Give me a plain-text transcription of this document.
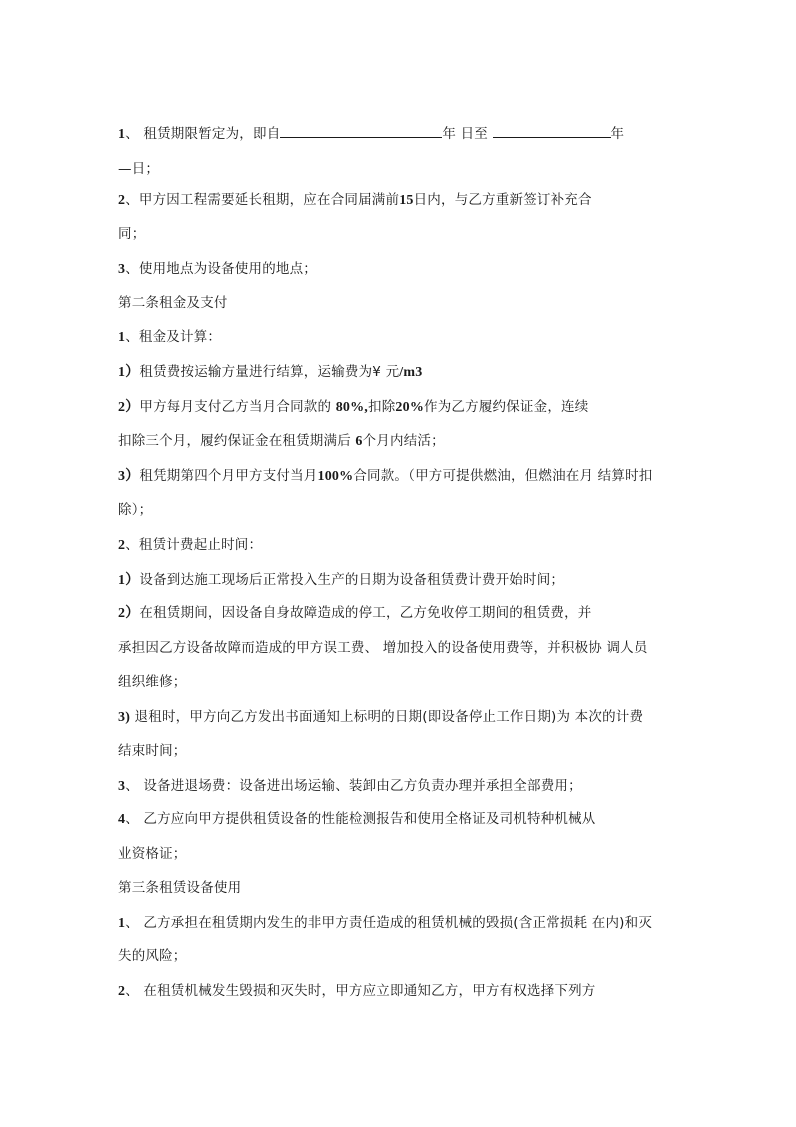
1、 租赁期限暂定为，即自	年 日至	年
—日；
2、甲方因工程需要延长租期，应在合同届满前15日内，与乙方重新签订补充合
同；
3、使用地点为设备使用的地点；
第二条租金及支付
1、租金及计算：
1）租赁费按运输方量进行结算，运输费为¥ 元/m3
2）甲方每月支付乙方当月合同款的 80%,扣除20%作为乙方履约保证金，连续
扣除三个月，履约保证金在租赁期满后 6个月内结活；
3）租凭期第四个月甲方支付当月100%合同款。（甲方可提供燃油，但燃油在月 结算时扣
除）；
2、租赁计费起止时间：
1）设备到达施工现场后正常投入生产的日期为设备租赁费计费开始时间；
2）在租赁期间，因设备自身故障造成的停工，乙方免收停工期间的租赁费，并
承担因乙方设备故障而造成的甲方误工费、 增加投入的设备使用费等，并积极协 调人员
组织维修；
3) 退租时，甲方向乙方发出书面通知上标明的日期(即设备停止工作日期)为 本次的计费
结束时间；
3、 设备进退场费：设备进出场运输、装卸由乙方负责办理并承担全部费用；
4、 乙方应向甲方提供租赁设备的性能检测报告和使用全格证及司机特种机械从
业资格证；
第三条租赁设备使用
1、 乙方承担在租赁期内发生的非甲方责任造成的租赁机械的毁损(含正常损耗 在内)和灭
失的风险；
2、 在租赁机械发生毁损和灭失时，甲方应立即通知乙方，甲方有权选择下列方
